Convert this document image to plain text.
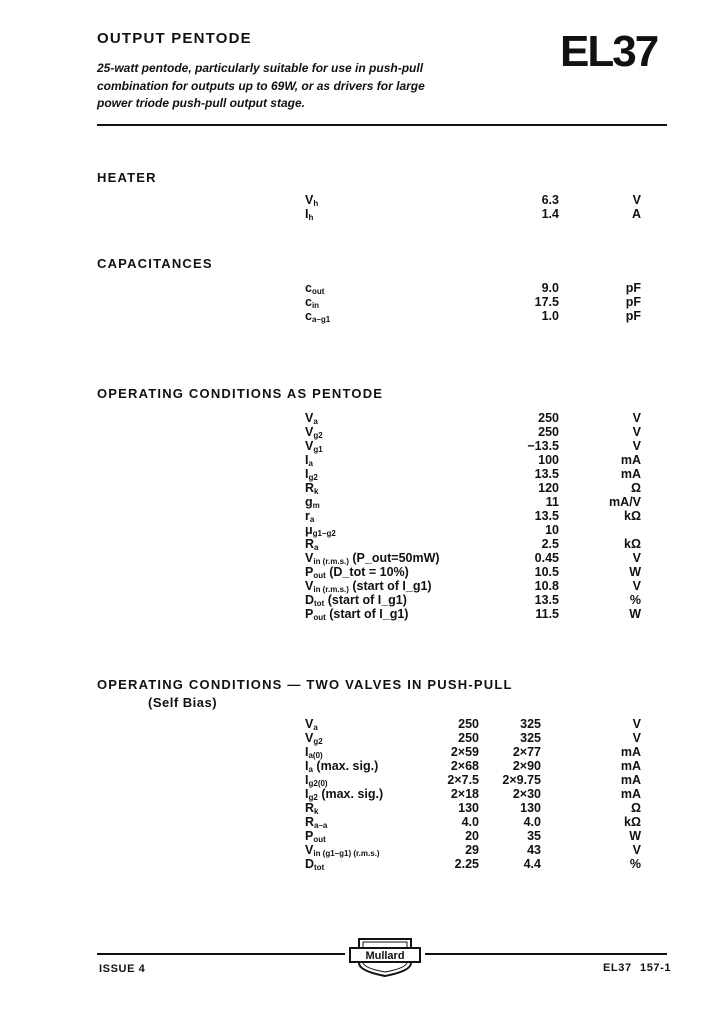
OUTPUT PENTODE	EL37
25-watt pentode, particularly suitable for use in push-pull
combination for outputs up to 69W, or as drivers for large
power triode push-pull output stage.
HEATER
Vh	6.3	V
Ih	1.4	A
CAPACITANCES
cout	9.0	pF
cin	17.5	pF
ca–g1	1.0	pF
OPERATING CONDITIONS AS PENTODE
Va	250	V
Vg2	250	V
Vg1	−13.5	V
Ia	100	mA
Ig2	13.5	mA
Rk	120	Ω
gm	11	mA/V
ra	13.5	kΩ
μg1–g2	10
Ra	2.5	kΩ
Vin (r.m.s.) (P_out=50mW)	0.45	V
Pout (D_tot = 10%)	10.5	W
Vin (r.m.s.) (start of I_g1)	10.8	V
Dtot (start of I_g1)	13.5	%
Pout (start of I_g1)	11.5	W
OPERATING CONDITIONS — TWO VALVES IN PUSH-PULL
(Self Bias)
Va	250	325	V
Vg2	250	325	V
Ia(0)	2×59	2×77	mA
Ia (max. sig.)	2×68	2×90	mA
Ig2(0)	2×7.5 2×9.75	mA
Ig2 (max. sig.)	2×18	2×30	mA
Rk	130	130	Ω
Ra–a	4.0	4.0	kΩ
Pout	20	35	W
Vin (g1–g1) (r.m.s.)	29	43	V
Dtot	2.25	4.4	%
Mullard
ISSUE 4	EL37 157-1
